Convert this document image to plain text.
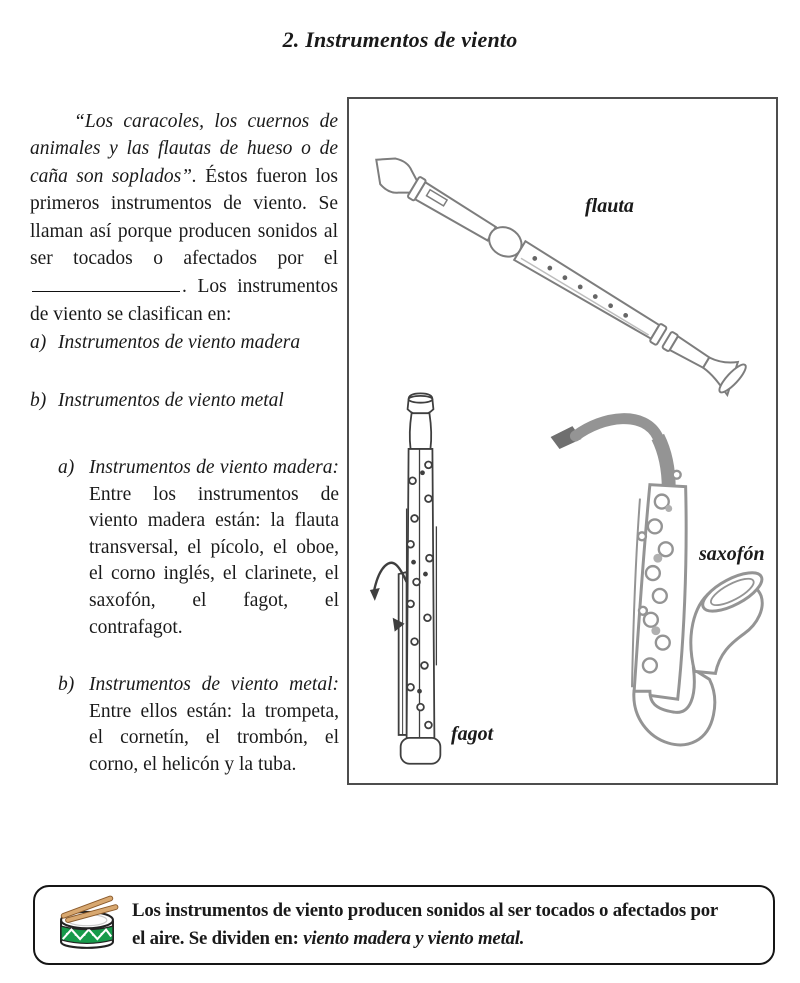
2. Instrumentos de viento

“Los caracoles, los cuernos de animales y las flautas de hueso o de caña son soplados”. Éstos fueron los primeros instrumentos de viento. Se llaman así porque producen sonidos al ser tocados o afectados por el. Los instrumentos de viento se clasifican en:

a) Instrumentos de viento madera
b) Instrumentos de viento metal
a) Instrumentos de viento madera: Entre los instrumentos de viento madera están: la flauta transversal, el pícolo, el oboe, el corno inglés, el clarinete, el saxofón, el fagot, el contrafagot.
b) Instrumentos de viento metal: Entre ellos están: la trompeta, el cornetín, el trombón, el corno, el helicón y la tuba.
flauta
saxofón
fagot
Los instrumentos de viento producen sonidos al ser tocados o afectados por
el aire. Se dividen en: viento madera y viento metal.
